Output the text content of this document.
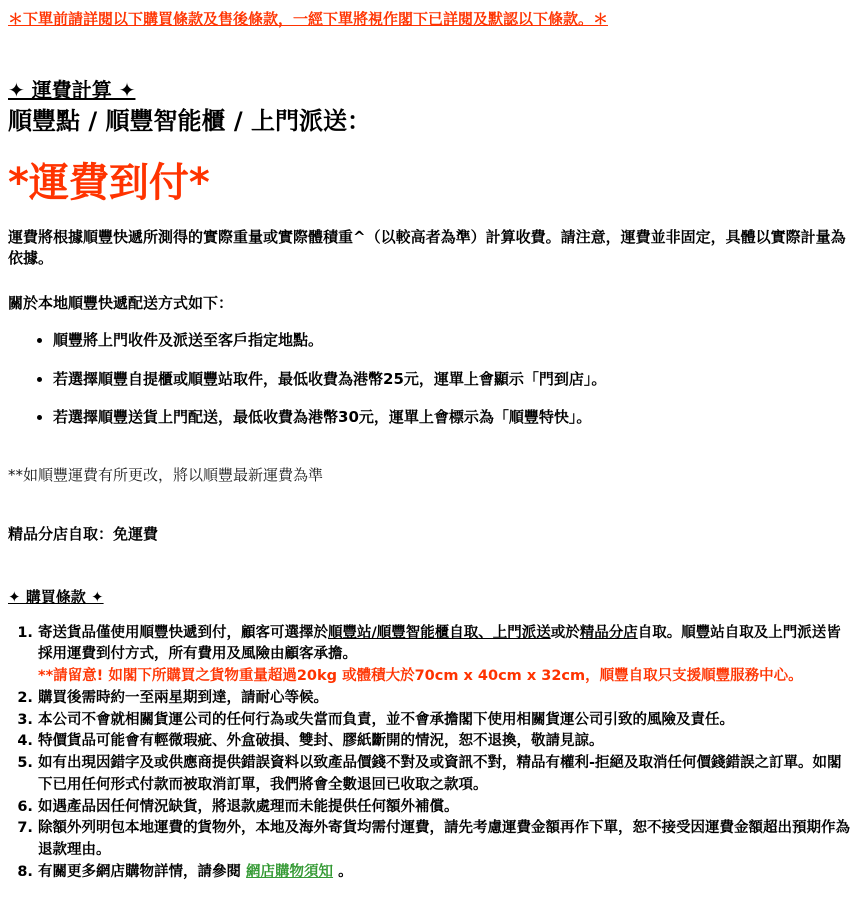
＊下單前請詳閱以下購買條款及售後條款，一經下單將視作閣下已詳閱及默認以下條款。＊

✦ 運費計算 ✦
順豐點 / 順豐智能櫃 / 上門派送：
*運費到付*

運費將根據順豐快遞所測得的實際重量或實際體積重^（以較高者為準）計算收費。請注意，運費並非固定，具體以實際計量為依據。

關於本地順豐快遞配送方式如下：
• 順豐將上門收件及派送至客戶指定地點。
• 若選擇順豐自提櫃或順豐站取件，最低收費為港幣25元，運單上會顯示「門到店」。
• 若選擇順豐送貨上門配送，最低收費為港幣30元，運單上會標示為「順豐特快」。

**如順豐運費有所更改，將以順豐最新運費為準

精品分店自取：免運費
✦ 購買條款 ✦
1. 寄送貨品僅使用順豐快遞到付，顧客可選擇於順豐站/順豐智能櫃自取、上門派送或於精品分店自取。順豐站自取及上門派送皆採用運費到付方式，所有費用及風險由顧客承擔。
**請留意! 如閣下所購買之貨物重量超過20kg 或體積大於70cm x 40cm x 32cm，順豐自取只支援順豐服務中心。
2. 購買後需時約一至兩星期到達，請耐心等候。
3. 本公司不會就相關貨運公司的任何行為或失當而負責，並不會承擔閣下使用相關貨運公司引致的風險及責任。
4. 特價貨品可能會有輕微瑕疵、外盒破損、雙封、膠紙斷開的情況，恕不退換，敬請見諒。
5. 如有出現因錯字及或供應商提供錯誤資料以致產品價錢不對及或資訊不對，精品有權利-拒絕及取消任何價錢錯誤之訂單。如閣下已用任何形式付款而被取消訂單，我們將會全數退回已收取之款項。
6. 如遇產品因任何情況缺貨，將退款處理而未能提供任何額外補償。
7. 除額外列明包本地運費的貨物外，本地及海外寄貨均需付運費，請先考慮運費金額再作下單，恕不接受因運費金額超出預期作為退款理由。
8. 有關更多網店購物詳情，請參閱 網店購物須知 。
